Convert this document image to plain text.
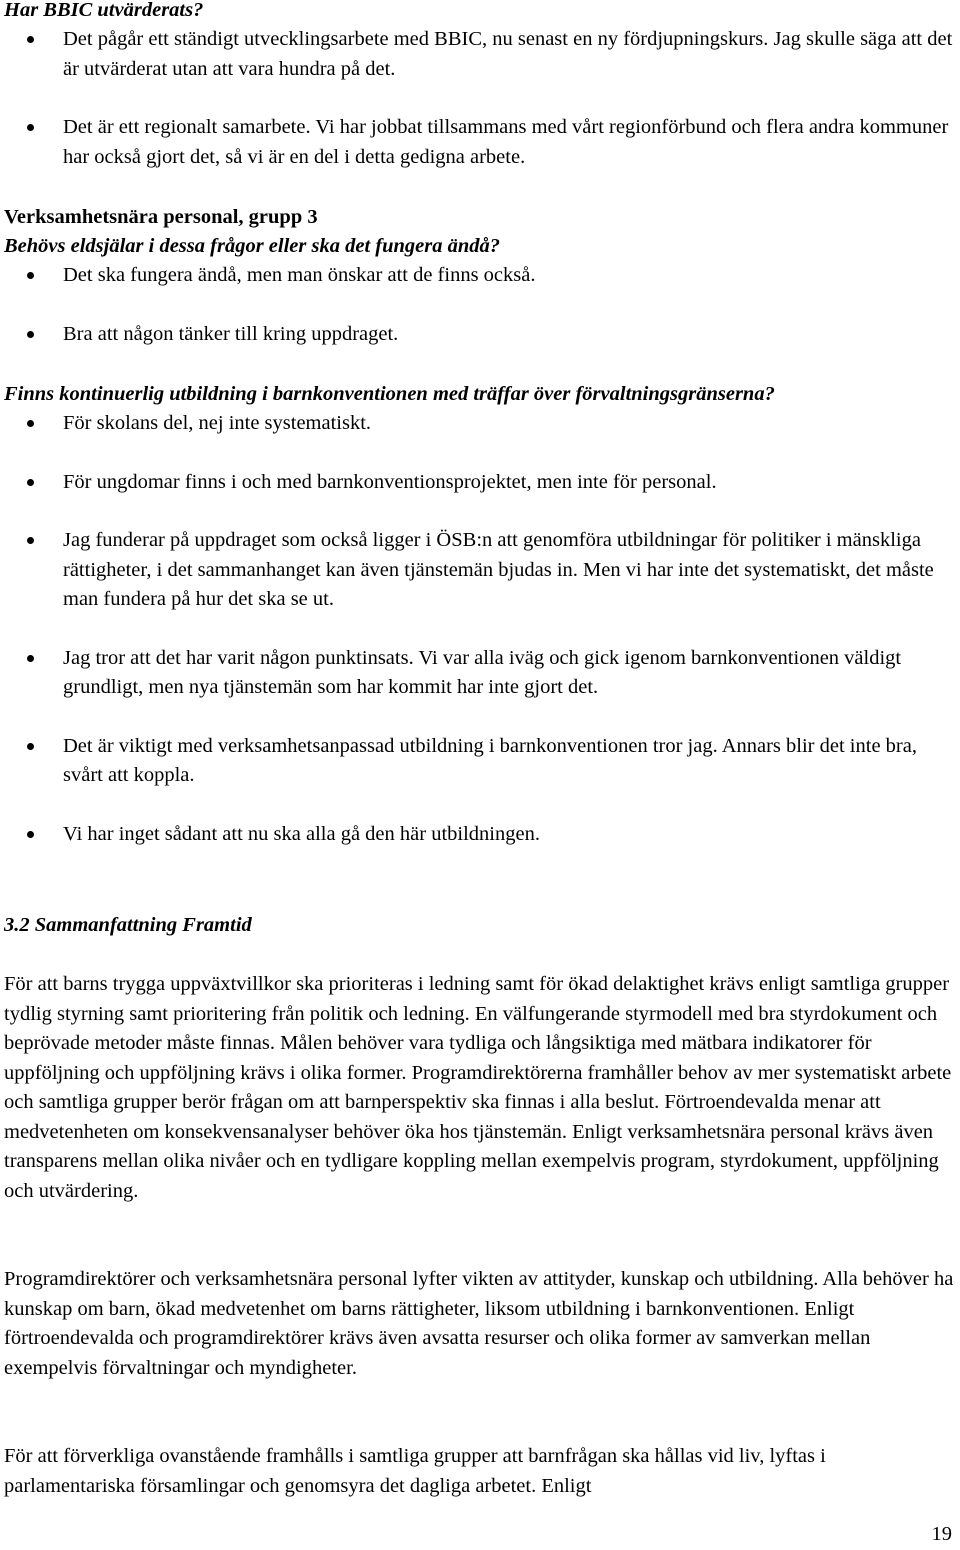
Har BBIC utvärderats?

Det pågår ett ständigt utvecklingsarbete med BBIC, nu senast en ny fördjupningskurs. Jag skulle säga att det är utvärderat utan att vara hundra på det.
Det är ett regionalt samarbete. Vi har jobbat tillsammans med vårt regionförbund och flera andra kommuner har också gjort det, så vi är en del i detta gedigna arbete.

Verksamhetsnära personal, grupp 3

Behövs eldsjälar i dessa frågor eller ska det fungera ändå?

Det ska fungera ändå, men man önskar att de finns också.
Bra att någon tänker till kring uppdraget.

Finns kontinuerlig utbildning i barnkonventionen med träffar över förvaltningsgränserna?

För skolans del, nej inte systematiskt.
För ungdomar finns i och med barnkonventionsprojektet, men inte för personal.
Jag funderar på uppdraget som också ligger i ÖSB:n att genomföra utbildningar för politiker i mänskliga rättigheter, i det sammanhanget kan även tjänstemän bjudas in. Men vi har inte det systematiskt, det måste man fundera på hur det ska se ut.
Jag tror att det har varit någon punktinsats. Vi var alla iväg och gick igenom barnkonventionen väldigt grundligt, men nya tjänstemän som har kommit har inte gjort det.
Det är viktigt med verksamhetsanpassad utbildning i barnkonventionen tror jag. Annars blir det inte bra, svårt att koppla.
Vi har inget sådant att nu ska alla gå den här utbildningen.

3.2 Sammanfattning Framtid

För att barns trygga uppväxtvillkor ska prioriteras i ledning samt för ökad delaktighet krävs enligt samtliga grupper tydlig styrning samt prioritering från politik och ledning. En välfungerande styrmodell med bra styrdokument och beprövade metoder måste finnas. Målen behöver vara tydliga och långsiktiga med mätbara indikatorer för uppföljning och uppföljning krävs i olika former. Programdirektörerna framhåller behov av mer systematiskt arbete och samtliga grupper berör frågan om att barnperspektiv ska finnas i alla beslut. Förtroendevalda menar att medvetenheten om konsekvensanalyser behöver öka hos tjänstemän. Enligt verksamhetsnära personal krävs även transparens mellan olika nivåer och en tydligare koppling mellan exempelvis program, styrdokument, uppföljning och utvärdering.

Programdirektörer och verksamhetsnära personal lyfter vikten av attityder, kunskap och utbildning. Alla behöver ha kunskap om barn, ökad medvetenhet om barns rättigheter, liksom utbildning i barnkonventionen. Enligt förtroendevalda och programdirektörer krävs även avsatta resurser och olika former av samverkan mellan exempelvis förvaltningar och myndigheter.

För att förverkliga ovanstående framhålls i samtliga grupper att barnfrågan ska hållas vid liv, lyftas i parlamentariska församlingar och genomsyra det dagliga arbetet. Enligt

19
